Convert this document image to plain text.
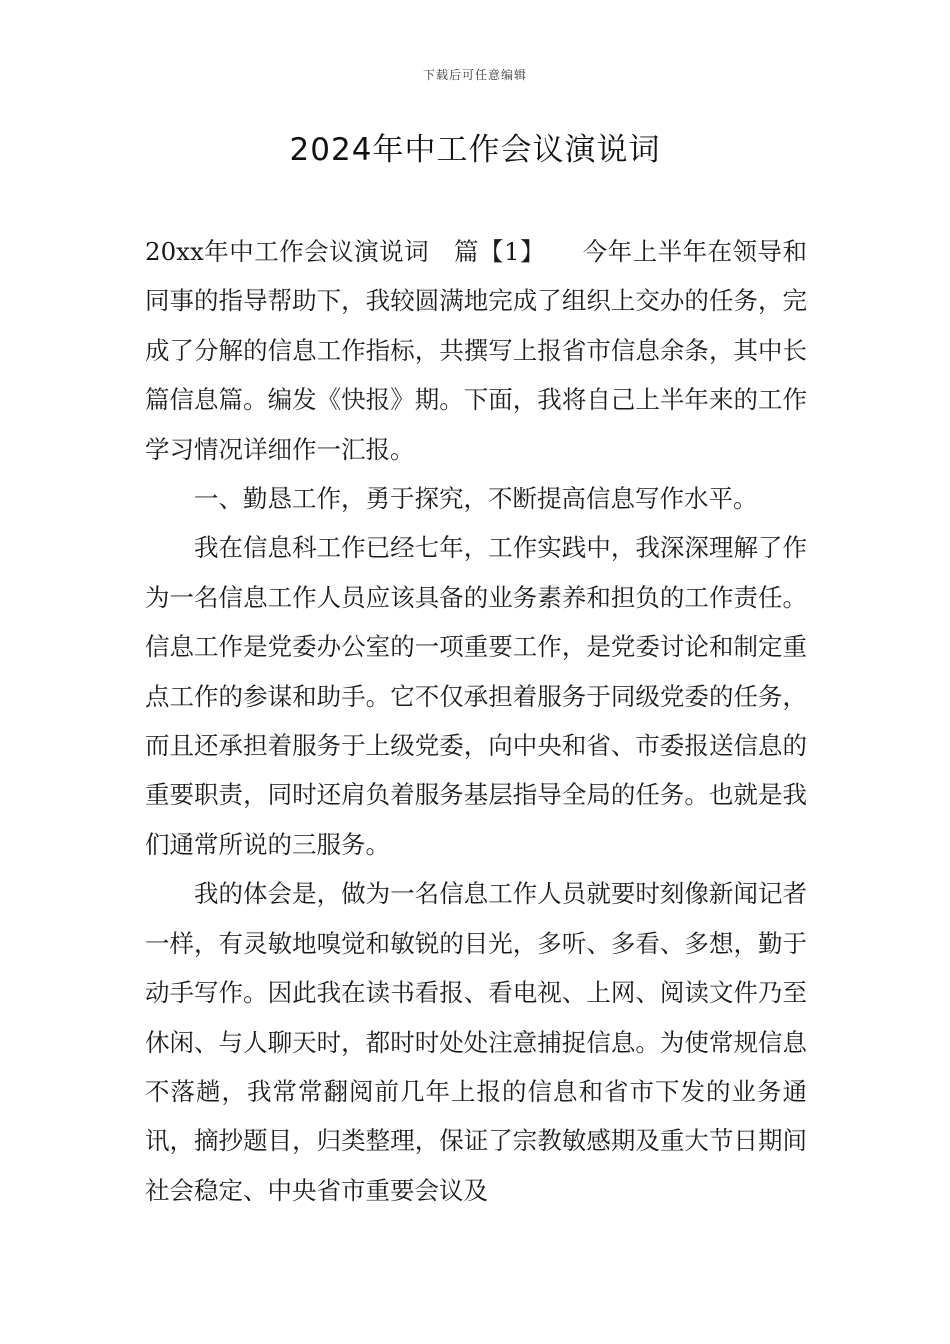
下载后可任意编辑
2024年中工作会议演说词

20xx年中工作会议演说词　篇【1】　　今年上半年在领导和同事的指导帮助下，我较圆满地完成了组织上交办的任务，完成了分解的信息工作指标，共撰写上报省市信息余条，其中长篇信息篇。编发《快报》期。下面，我将自己上半年来的工作学习情况详细作一汇报。

一、勤恳工作，勇于探究，不断提高信息写作水平。

我在信息科工作已经七年，工作实践中，我深深理解了作为一名信息工作人员应该具备的业务素养和担负的工作责任。信息工作是党委办公室的一项重要工作，是党委讨论和制定重点工作的参谋和助手。它不仅承担着服务于同级党委的任务，而且还承担着服务于上级党委，向中央和省、市委报送信息的重要职责，同时还肩负着服务基层指导全局的任务。也就是我们通常所说的三服务。

我的体会是，做为一名信息工作人员就要时刻像新闻记者一样，有灵敏地嗅觉和敏锐的目光，多听、多看、多想，勤于动手写作。因此我在读书看报、看电视、上网、阅读文件乃至休闲、与人聊天时，都时时处处注意捕捉信息。为使常规信息不落趟，我常常翻阅前几年上报的信息和省市下发的业务通讯，摘抄题目，归类整理，保证了宗教敏感期及重大节日期间社会稳定、中央省市重要会议及
